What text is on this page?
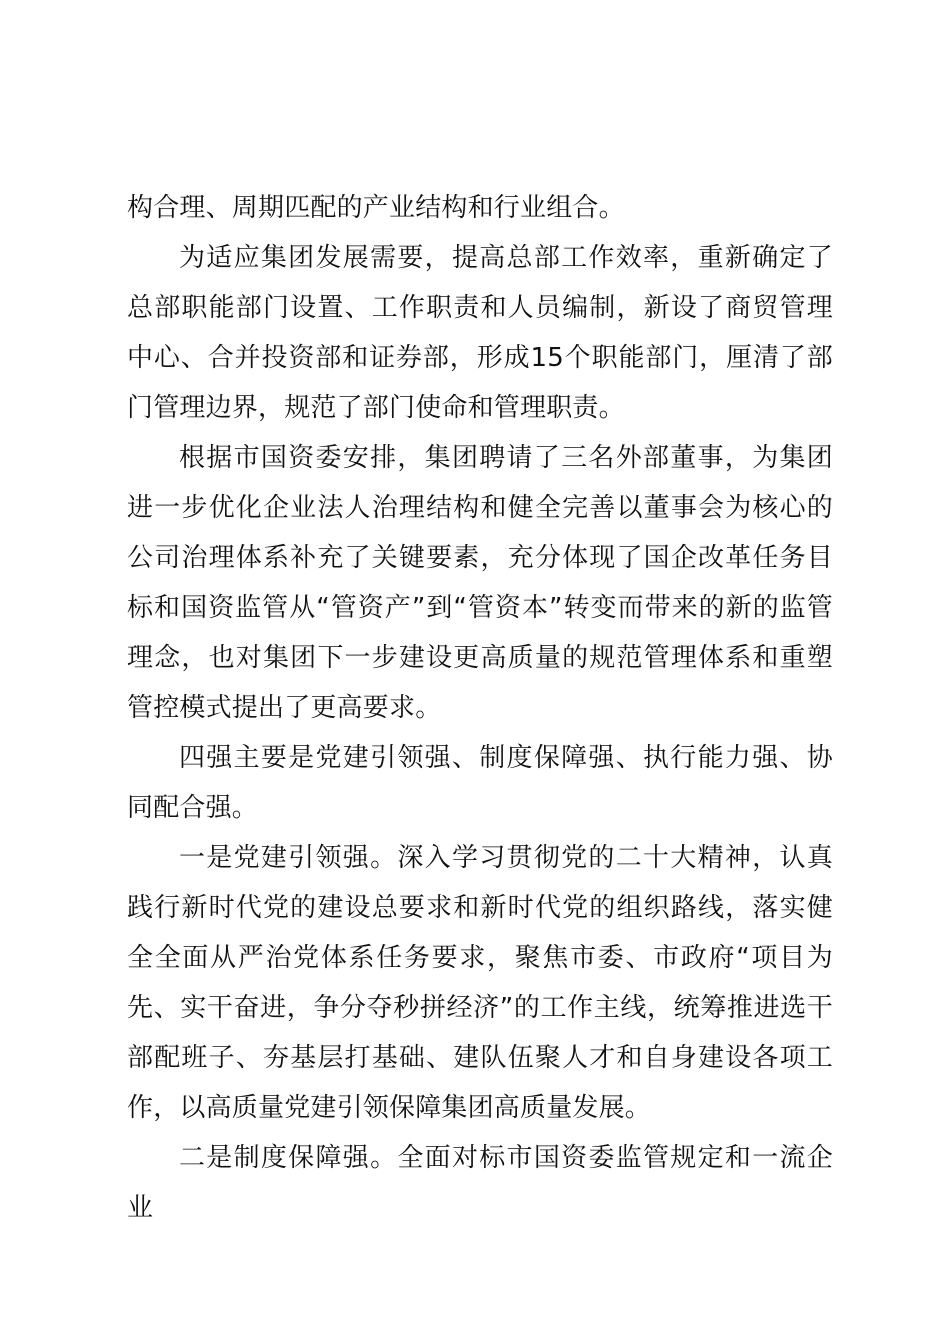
构合理、周期匹配的产业结构和行业组合。

为适应集团发展需要，提高总部工作效率，重新确定了总部职能部门设置、工作职责和人员编制，新设了商贸管理中心、合并投资部和证券部，形成15个职能部门，厘清了部门管理边界，规范了部门使命和管理职责。

根据市国资委安排，集团聘请了三名外部董事，为集团进一步优化企业法人治理结构和健全完善以董事会为核心的公司治理体系补充了关键要素，充分体现了国企改革任务目标和国资监管从“管资产”到“管资本”转变而带来的新的监管理念，也对集团下一步建设更高质量的规范管理体系和重塑管控模式提出了更高要求。

四强主要是党建引领强、制度保障强、执行能力强、协同配合强。

一是党建引领强。深入学习贯彻党的二十大精神，认真践行新时代党的建设总要求和新时代党的组织路线，落实健全全面从严治党体系任务要求，聚焦市委、市政府“项目为先、实干奋进，争分夺秒拼经济”的工作主线，统筹推进选干部配班子、夯基层打基础、建队伍聚人才和自身建设各项工作，以高质量党建引领保障集团高质量发展。

二是制度保障强。全面对标市国资委监管规定和一流企业
